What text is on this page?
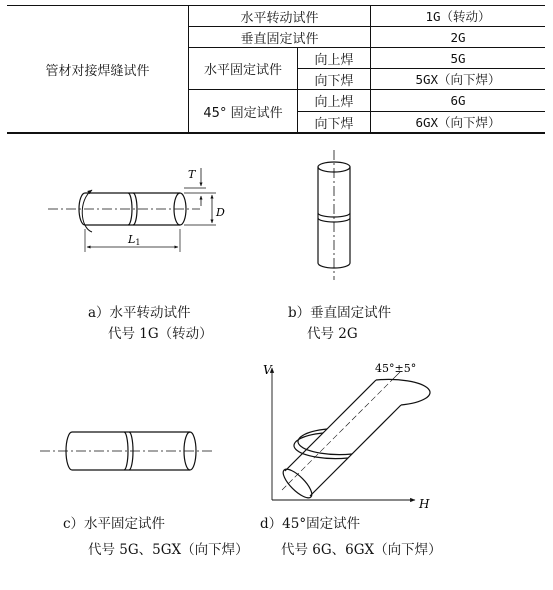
管材对接焊缝试件
水平转动试件	1G（转动）
垂直固定试件	2G
水平固定试件
向上焊	5G
向下焊	5GX（向下焊）
45° 固定试件
向上焊	6G
向下焊	6GX（向下焊）
T
D
L1
V
H
45°±5°
a）水平转动试件
代号 1G（转动）
b）垂直固定试件
代号 2G
c）水平固定试件
代号 5G、5GX（向下焊）
d）45°固定试件
代号 6G、6GX（向下焊）
